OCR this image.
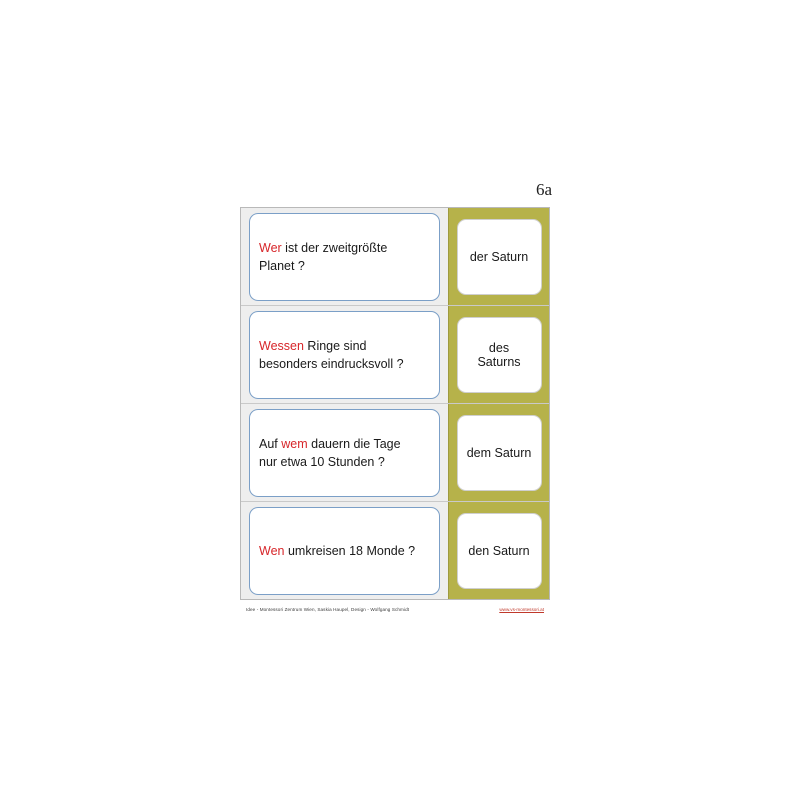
6a
Wer ist der zweitgrößte
Planet ?
der Saturn
Wessen Ringe sind
besonders eindrucksvoll ?
des Saturns
Auf wem dauern die Tage
nur etwa 10 Stunden ?
dem Saturn
Wen umkreisen 18 Monde ?	den Saturn
Idee - Montessori Zentrum Wien, Saskia Haupel, Design - Wolfgang Schmidt	www.vs-montessori.at
